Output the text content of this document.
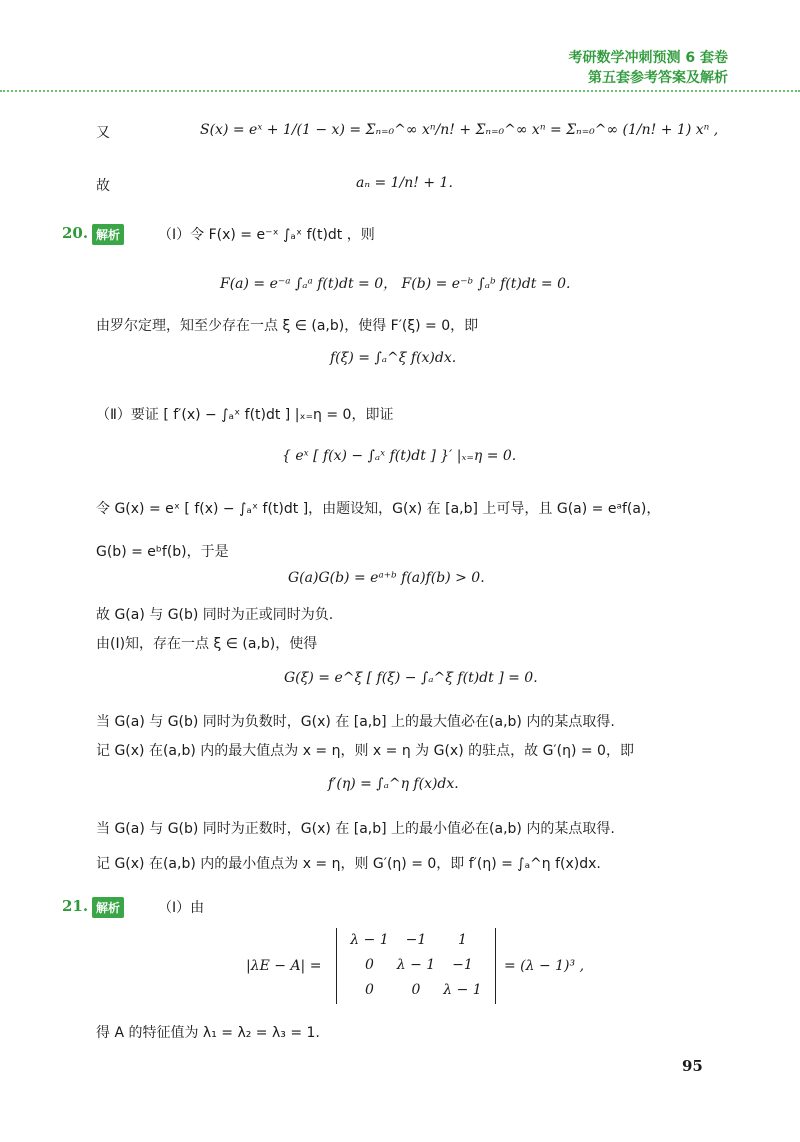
考研数学冲刺预测 6 套卷
第五套参考答案及解析
又	S(x) = eˣ + 1/(1 − x) = Σₙ₌₀^∞ xⁿ/n! + Σₙ₌₀^∞ xⁿ = Σₙ₌₀^∞ (1/n! + 1) xⁿ ,
故	aₙ = 1/n! + 1.
20. 解析	（Ⅰ）令 F(x) = e⁻ˣ ∫ₐˣ f(t)dt ，则
F(a) = e⁻ᵃ ∫ₐᵃ f(t)dt = 0， F(b) = e⁻ᵇ ∫ₐᵇ f(t)dt = 0.
由罗尔定理，知至少存在一点 ξ ∈ (a,b)，使得 F′(ξ) = 0，即
f(ξ) = ∫ₐ^ξ f(x)dx.
（Ⅱ）要证 [ f′(x) − ∫ₐˣ f(t)dt ] |ₓ₌η = 0，即证
{ eˣ [ f(x) − ∫ₐˣ f(t)dt ] }′ |ₓ₌η = 0.
令 G(x) = eˣ [ f(x) − ∫ₐˣ f(t)dt ]，由题设知，G(x) 在 [a,b] 上可导，且 G(a) = eᵃf(a)，
G(b) = eᵇf(b)，于是
G(a)G(b) = eᵃ⁺ᵇ f(a)f(b) > 0.
故 G(a) 与 G(b) 同时为正或同时为负.
由(Ⅰ)知，存在一点 ξ ∈ (a,b)，使得
G(ξ) = e^ξ [ f(ξ) − ∫ₐ^ξ f(t)dt ] = 0.
当 G(a) 与 G(b) 同时为负数时，G(x) 在 [a,b] 上的最大值必在(a,b) 内的某点取得.
记 G(x) 在(a,b) 内的最大值点为 x = η，则 x = η 为 G(x) 的驻点，故 G′(η) = 0，即
f′(η) = ∫ₐ^η f(x)dx.
当 G(a) 与 G(b) 同时为正数时，G(x) 在 [a,b] 上的最小值必在(a,b) 内的某点取得.
记 G(x) 在(a,b) 内的最小值点为 x = η，则 G′(η) = 0，即 f′(η) = ∫ₐ^η f(x)dx.
21. 解析	（Ⅰ）由
|λE − A| =
λ − 1	−1	1
0	λ − 1	−1
0	0	λ − 1
= (λ − 1)³ ,
得 A 的特征值为 λ₁ = λ₂ = λ₃ = 1.
95
